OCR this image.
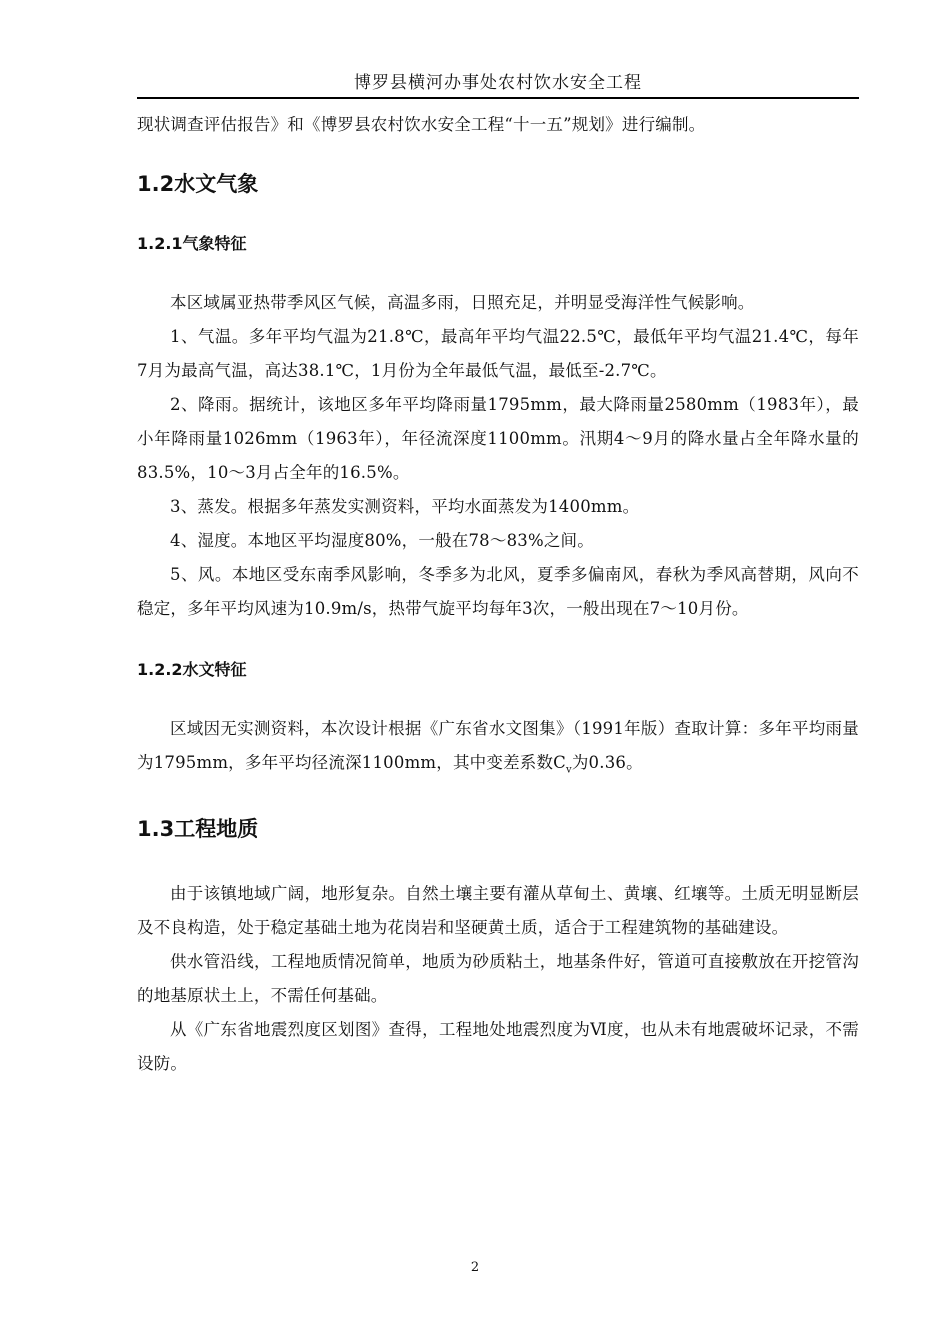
博罗县横河办事处农村饮水安全工程

现状调查评估报告》和《博罗县农村饮水安全工程“十一五”规划》进行编制。

1.2水文气象
1.2.1气象特征

本区域属亚热带季风区气候，高温多雨，日照充足，并明显受海洋性气候影响。

1、气温。多年平均气温为21.8℃，最高年平均气温22.5℃，最低年平均气温21.4℃，每年7月为最高气温，高达38.1℃，1月份为全年最低气温，最低至-2.7℃。

2、降雨。据统计，该地区多年平均降雨量1795mm，最大降雨量2580mm（1983年），最小年降雨量1026mm（1963年），年径流深度1100mm。汛期4～9月的降水量占全年降水量的83.5%，10～3月占全年的16.5%。

3、蒸发。根据多年蒸发实测资料，平均水面蒸发为1400mm。

4、湿度。本地区平均湿度80%，一般在78～83%之间。

5、风。本地区受东南季风影响，冬季多为北风，夏季多偏南风，春秋为季风高替期，风向不稳定，多年平均风速为10.9m/s，热带气旋平均每年3次，一般出现在7～10月份。

1.2.2水文特征

区域因无实测资料，本次设计根据《广东省水文图集》（1991年版）查取计算：多年平均雨量为1795mm，多年平均径流深1100mm，其中变差系数$C_v$为0.36。

1.3工程地质

由于该镇地域广阔，地形复杂。自然土壤主要有灌从草甸土、黄壤、红壤等。土质无明显断层及不良构造，处于稳定基础土地为花岗岩和坚硬黄土质，适合于工程建筑物的基础建设。

供水管沿线，工程地质情况简单，地质为砂质粘土，地基条件好，管道可直接敷放在开挖管沟的地基原状土上，不需任何基础。

从《广东省地震烈度区划图》查得，工程地处地震烈度为Ⅵ度，也从未有地震破坏记录，不需设防。

2
